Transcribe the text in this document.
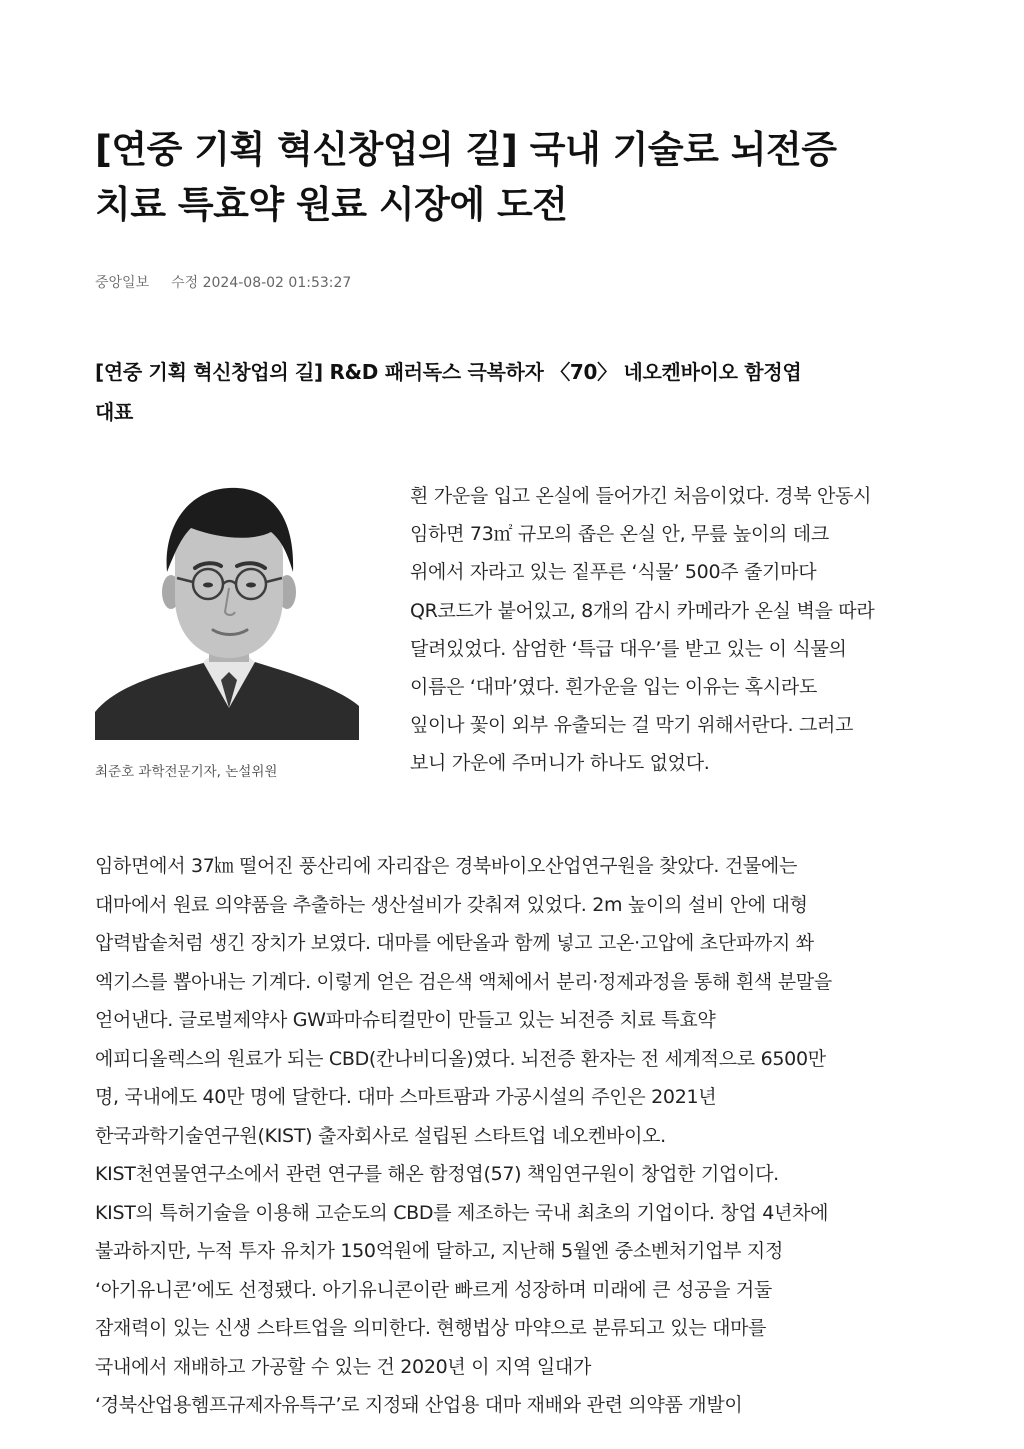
[연중 기획 혁신창업의 길] 국내 기술로 뇌전증
치료 특효약 원료 시장에 도전
중앙일보 수정 2024-08-02 01:53:27
[연중 기획 혁신창업의 길] R&D 패러독스 극복하자 〈70〉 네오켄바이오 함정엽
대표
최준호 과학전문기자, 논설위원
흰 가운을 입고 온실에 들어가긴 처음이었다. 경북 안동시
임하면 73㎡ 규모의 좁은 온실 안, 무릎 높이의 데크
위에서 자라고 있는 짙푸른 ‘식물’ 500주 줄기마다
QR코드가 붙어있고, 8개의 감시 카메라가 온실 벽을 따라
달려있었다. 삼엄한 ‘특급 대우’를 받고 있는 이 식물의
이름은 ‘대마’였다. 흰가운을 입는 이유는 혹시라도
잎이나 꽃이 외부 유출되는 걸 막기 위해서란다. 그러고
보니 가운에 주머니가 하나도 없었다.
임하면에서 37㎞ 떨어진 풍산리에 자리잡은 경북바이오산업연구원을 찾았다. 건물에는
대마에서 원료 의약품을 추출하는 생산설비가 갖춰져 있었다. 2m 높이의 설비 안에 대형
압력밥솥처럼 생긴 장치가 보였다. 대마를 에탄올과 함께 넣고 고온·고압에 초단파까지 쏴
엑기스를 뽑아내는 기계다. 이렇게 얻은 검은색 액체에서 분리·정제과정을 통해 흰색 분말을
얻어낸다. 글로벌제약사 GW파마슈티컬만이 만들고 있는 뇌전증 치료 특효약
에피디올렉스의 원료가 되는 CBD(칸나비디올)였다. 뇌전증 환자는 전 세계적으로 6500만
명, 국내에도 40만 명에 달한다. 대마 스마트팜과 가공시설의 주인은 2021년
한국과학기술연구원(KIST) 출자회사로 설립된 스타트업 네오켄바이오.
KIST천연물연구소에서 관련 연구를 해온 함정엽(57) 책임연구원이 창업한 기업이다.
KIST의 특허기술을 이용해 고순도의 CBD를 제조하는 국내 최초의 기업이다. 창업 4년차에
불과하지만, 누적 투자 유치가 150억원에 달하고, 지난해 5월엔 중소벤처기업부 지정
‘아기유니콘’에도 선정됐다. 아기유니콘이란 빠르게 성장하며 미래에 큰 성공을 거둘
잠재력이 있는 신생 스타트업을 의미한다. 현행법상 마약으로 분류되고 있는 대마를
국내에서 재배하고 가공할 수 있는 건 2020년 이 지역 일대가
‘경북산업용헴프규제자유특구’로 지정돼 산업용 대마 재배와 관련 의약품 개발이
